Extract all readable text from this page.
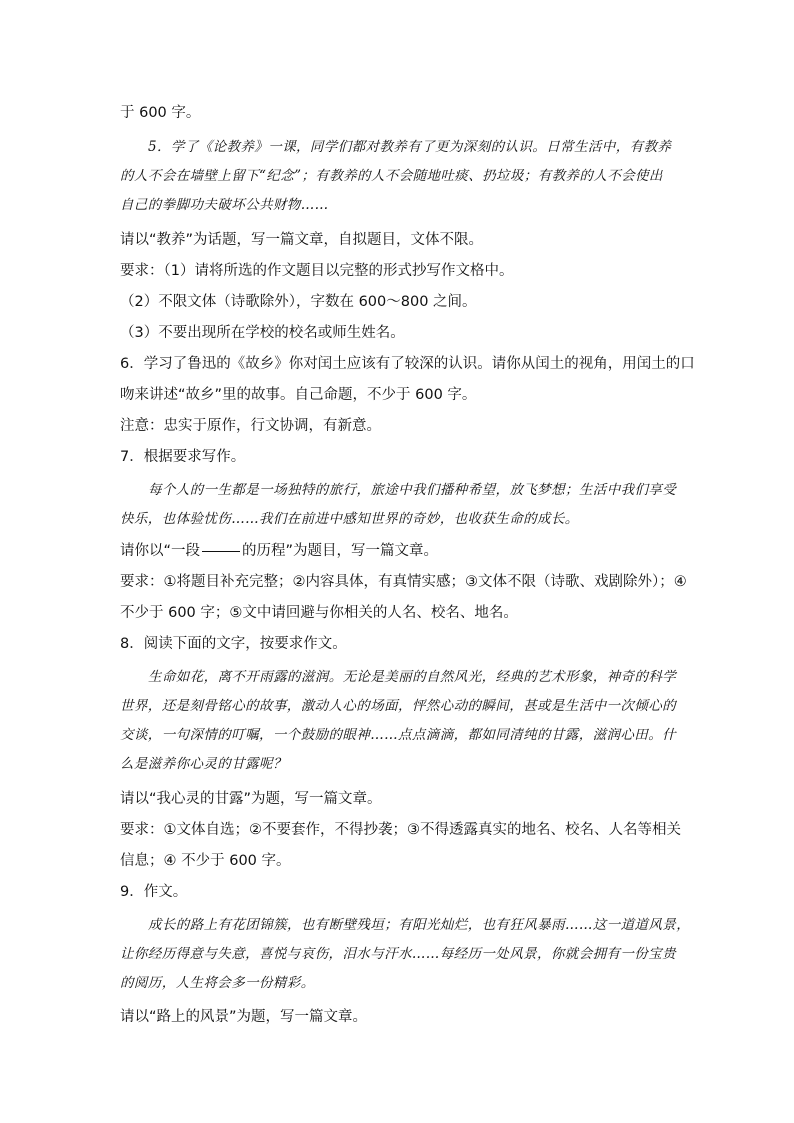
于 600 字。
5．学了《论教养》一课，同学们都对教养有了更为深刻的认识。日常生活中，有教养
的人不会在墙壁上留下“纪念”；有教养的人不会随地吐痰、扔垃圾；有教养的人不会使出
自己的拳脚功夫破坏公共财物……
请以“教养”为话题，写一篇文章，自拟题目，文体不限。
要求：（1）请将所选的作文题目以完整的形式抄写作文格中。
（2）不限文体（诗歌除外），字数在 600～800 之间。
（3）不要出现所在学校的校名或师生姓名。
6．学习了鲁迅的《故乡》你对闰土应该有了较深的认识。请你从闰土的视角，用闰土的口
吻来讲述“故乡”里的故事。自己命题，不少于 600 字。
注意：忠实于原作，行文协调，有新意。
7．根据要求写作。
每个人的一生都是一场独特的旅行，旅途中我们播种希望，放飞梦想；生活中我们享受
快乐，也体验忧伤……我们在前进中感知世界的奇妙，也收获生命的成长。
请你以“一段	的历程”为题目，写一篇文章。
要求：①将题目补充完整；②内容具体，有真情实感；③文体不限（诗歌、戏剧除外）；④
不少于 600 字；⑤文中请回避与你相关的人名、校名、地名。
8．阅读下面的文字，按要求作文。
生命如花，离不开雨露的滋润。无论是美丽的自然风光，经典的艺术形象，神奇的科学
世界，还是刻骨铭心的故事，激动人心的场面，怦然心动的瞬间，甚或是生活中一次倾心的
交谈，一句深情的叮嘱，一个鼓励的眼神……点点滴滴，都如同清纯的甘露，滋润心田。什
么是滋养你心灵的甘露呢？
请以“我心灵的甘露”为题，写一篇文章。
要求：①文体自选；②不要套作，不得抄袭；③不得透露真实的地名、校名、人名等相关
信息；④ 不少于 600 字。
9．作文。
成长的路上有花团锦簇，也有断壁残垣；有阳光灿烂，也有狂风暴雨……这一道道风景，
让你经历得意与失意，喜悦与哀伤，泪水与汗水……每经历一处风景，你就会拥有一份宝贵
的阅历，人生将会多一份精彩。
请以“路上的风景”为题，写一篇文章。
